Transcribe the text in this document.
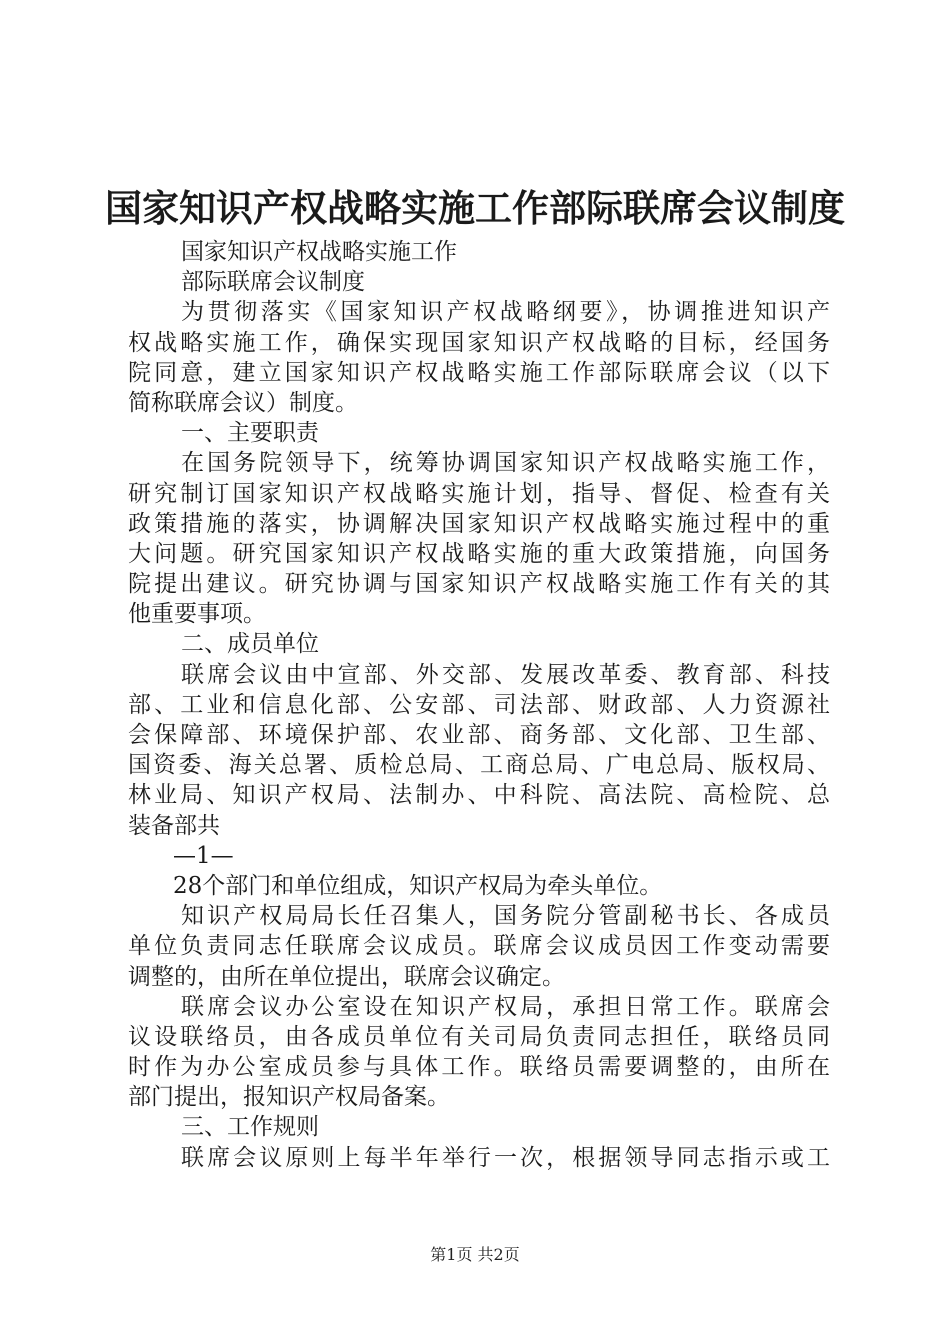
国家知识产权战略实施工作部际联席会议制度
国家知识产权战略实施工作
部际联席会议制度
为贯彻落实《国家知识产权战略纲要》，协调推进知识产
权战略实施工作，确保实现国家知识产权战略的目标，经国务
院同意，建立国家知识产权战略实施工作部际联席会议（以下
简称联席会议）制度。
一、主要职责
在国务院领导下，统筹协调国家知识产权战略实施工作，
研究制订国家知识产权战略实施计划，指导、督促、检查有关
政策措施的落实，协调解决国家知识产权战略实施过程中的重
大问题。研究国家知识产权战略实施的重大政策措施，向国务
院提出建议。研究协调与国家知识产权战略实施工作有关的其
他重要事项。
二、成员单位
联席会议由中宣部、外交部、发展改革委、教育部、科技
部、工业和信息化部、公安部、司法部、财政部、人力资源社
会保障部、环境保护部、农业部、商务部、文化部、卫生部、
国资委、海关总署、质检总局、工商总局、广电总局、版权局、
林业局、知识产权局、法制办、中科院、高法院、高检院、总
装备部共
—1—
28个部门和单位组成，知识产权局为牵头单位。
知识产权局局长任召集人，国务院分管副秘书长、各成员
单位负责同志任联席会议成员。联席会议成员因工作变动需要
调整的，由所在单位提出，联席会议确定。
联席会议办公室设在知识产权局，承担日常工作。联席会
议设联络员，由各成员单位有关司局负责同志担任，联络员同
时作为办公室成员参与具体工作。联络员需要调整的，由所在
部门提出，报知识产权局备案。
三、工作规则
联席会议原则上每半年举行一次，根据领导同志指示或工
第1页 共2页
